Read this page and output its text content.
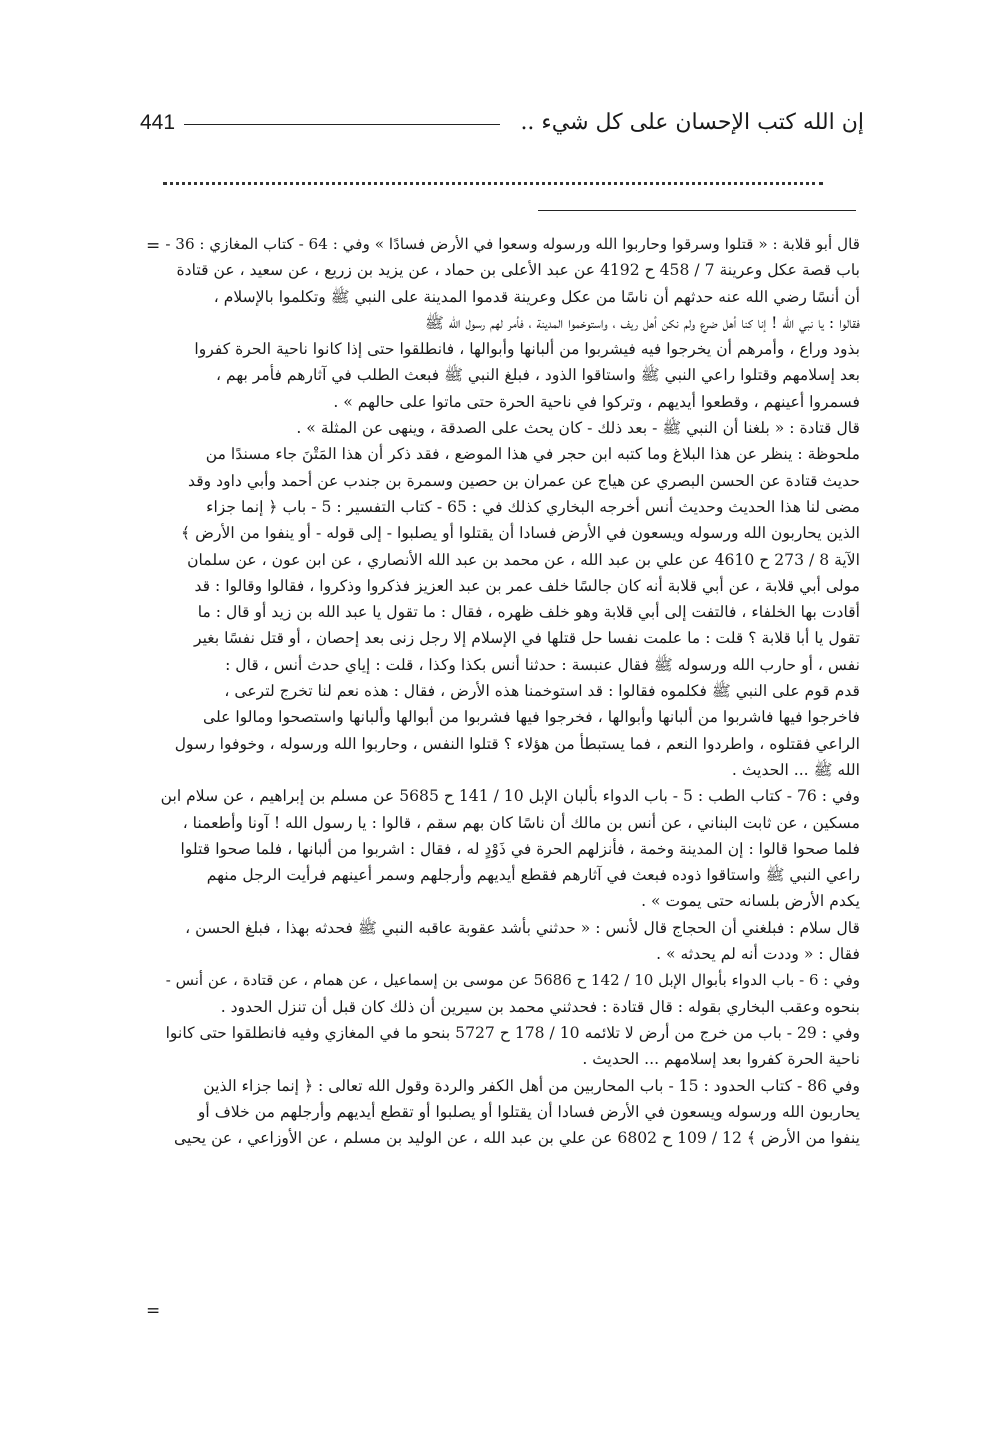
إن الله كتب الإحسان على كل شيء ..
441
= قال أبو قلابة : « قتلوا وسرقوا وحاربوا الله ورسوله وسعوا في الأرض فسادًا » وفي : 64 - كتاب المغازي : 36 -
باب قصة عكل وعرينة 7 / 458 ح 4192 عن عبد الأعلى بن حماد ، عن يزيد بن زريع ، عن سعيد ، عن قتادة
أن أنسًا رضي الله عنه حدثهم أن ناسًا من عكل وعرينة قدموا المدينة على النبي ﷺ وتكلموا بالإسلام ،
فقالوا : يا نبي الله ! إنا كنا أهل ضرع ولم نكن أهل ريف ، واستوخموا المدينة ، فأمر لهم رسول الله ﷺ
بذود وراع ، وأمرهم أن يخرجوا فيه فيشربوا من ألبانها وأبوالها ، فانطلقوا حتى إذا كانوا ناحية الحرة كفروا
بعد إسلامهم وقتلوا راعي النبي ﷺ واستاقوا الذود ، فبلغ النبي ﷺ فبعث الطلب في آثارهم فأمر بهم ،
فسمروا أعينهم ، وقطعوا أيديهم ، وتركوا في ناحية الحرة حتى ماتوا على حالهم » .
قال قتادة : « بلغنا أن النبي ﷺ - بعد ذلك - كان يحث على الصدقة ، وينهى عن المثلة » .
ملحوظة : ينظر عن هذا البلاغ وما كتبه ابن حجر في هذا الموضع ، فقد ذكر أن هذا المَتْنَ جاء مسندًا من
حديث قتادة عن الحسن البصري عن هياج عن عمران بن حصين وسمرة بن جندب عن أحمد وأبي داود وقد
مضى لنا هذا الحديث وحديث أنس أخرجه البخاري كذلك في : 65 - كتاب التفسير : 5 - باب ﴿ إنما جزاء
الذين يحاربون الله ورسوله ويسعون في الأرض فسادا أن يقتلوا أو يصلبوا - إلى قوله - أو ينفوا من الأرض ﴾
الآية 8 / 273 ح 4610 عن علي بن عبد الله ، عن محمد بن عبد الله الأنصاري ، عن ابن عون ، عن سلمان
مولى أبي قلابة ، عن أبي قلابة أنه كان جالسًا خلف عمر بن عبد العزيز فذكروا وذكروا ، فقالوا وقالوا : قد
أقادت بها الخلفاء ، فالتفت إلى أبي قلابة وهو خلف ظهره ، فقال : ما تقول يا عبد الله بن زيد أو قال : ما
تقول يا أبا قلابة ؟ قلت : ما علمت نفسا حل قتلها في الإسلام إلا رجل زنى بعد إحصان ، أو قتل نفسًا بغير
نفس ، أو حارب الله ورسوله ﷺ فقال عنبسة : حدثنا أنس بكذا وكذا ، قلت : إياي حدث أنس ، قال :
قدم قوم على النبي ﷺ فكلموه فقالوا : قد استوخمنا هذه الأرض ، فقال : هذه نعم لنا تخرج لترعى ،
فاخرجوا فيها فاشربوا من ألبانها وأبوالها ، فخرجوا فيها فشربوا من أبوالها وألبانها واستصحوا ومالوا على
الراعي فقتلوه ، واطردوا النعم ، فما يستبطأ من هؤلاء ؟ قتلوا النفس ، وحاربوا الله ورسوله ، وخوفوا رسول
الله ﷺ ... الحديث .
وفي : 76 - كتاب الطب : 5 - باب الدواء بألبان الإبل 10 / 141 ح 5685 عن مسلم بن إبراهيم ، عن سلام ابن
مسكين ، عن ثابت البناني ، عن أنس بن مالك أن ناسًا كان بهم سقم ، قالوا : يا رسول الله ! آونا وأطعمنا ،
فلما صحوا قالوا : إن المدينة وخمة ، فأنزلهم الحرة في ذَوْدٍ له ، فقال : اشربوا من ألبانها ، فلما صحوا قتلوا
راعي النبي ﷺ واستاقوا ذوده فبعث في آثارهم فقطع أيديهم وأرجلهم وسمر أعينهم فرأيت الرجل منهم
يكدم الأرض بلسانه حتى يموت » .
قال سلام : فبلغني أن الحجاج قال لأنس : « حدثني بأشد عقوبة عاقبه النبي ﷺ فحدثه بهذا ، فبلغ الحسن ،
فقال : « وددت أنه لم يحدثه » .
وفي : 6 - باب الدواء بأبوال الإبل 10 / 142 ح 5686 عن موسى بن إسماعيل ، عن همام ، عن قتادة ، عن أنس -
بنحوه وعقب البخاري بقوله : قال قتادة : فحدثني محمد بن سيرين أن ذلك كان قبل أن تنزل الحدود .
وفي : 29 - باب من خرج من أرض لا تلائمه 10 / 178 ح 5727 بنحو ما في المغازي وفيه فانطلقوا حتى كانوا
ناحية الحرة كفروا بعد إسلامهم ... الحديث .
وفي 86 - كتاب الحدود : 15 - باب المحاربين من أهل الكفر والردة وقول الله تعالى : ﴿ إنما جزاء الذين
يحاربون الله ورسوله ويسعون في الأرض فسادا أن يقتلوا أو يصلبوا أو تقطع أيديهم وأرجلهم من خلاف أو
ينفوا من الأرض ﴾ 12 / 109 ح 6802 عن علي بن عبد الله ، عن الوليد بن مسلم ، عن الأوزاعي ، عن يحيى
=
